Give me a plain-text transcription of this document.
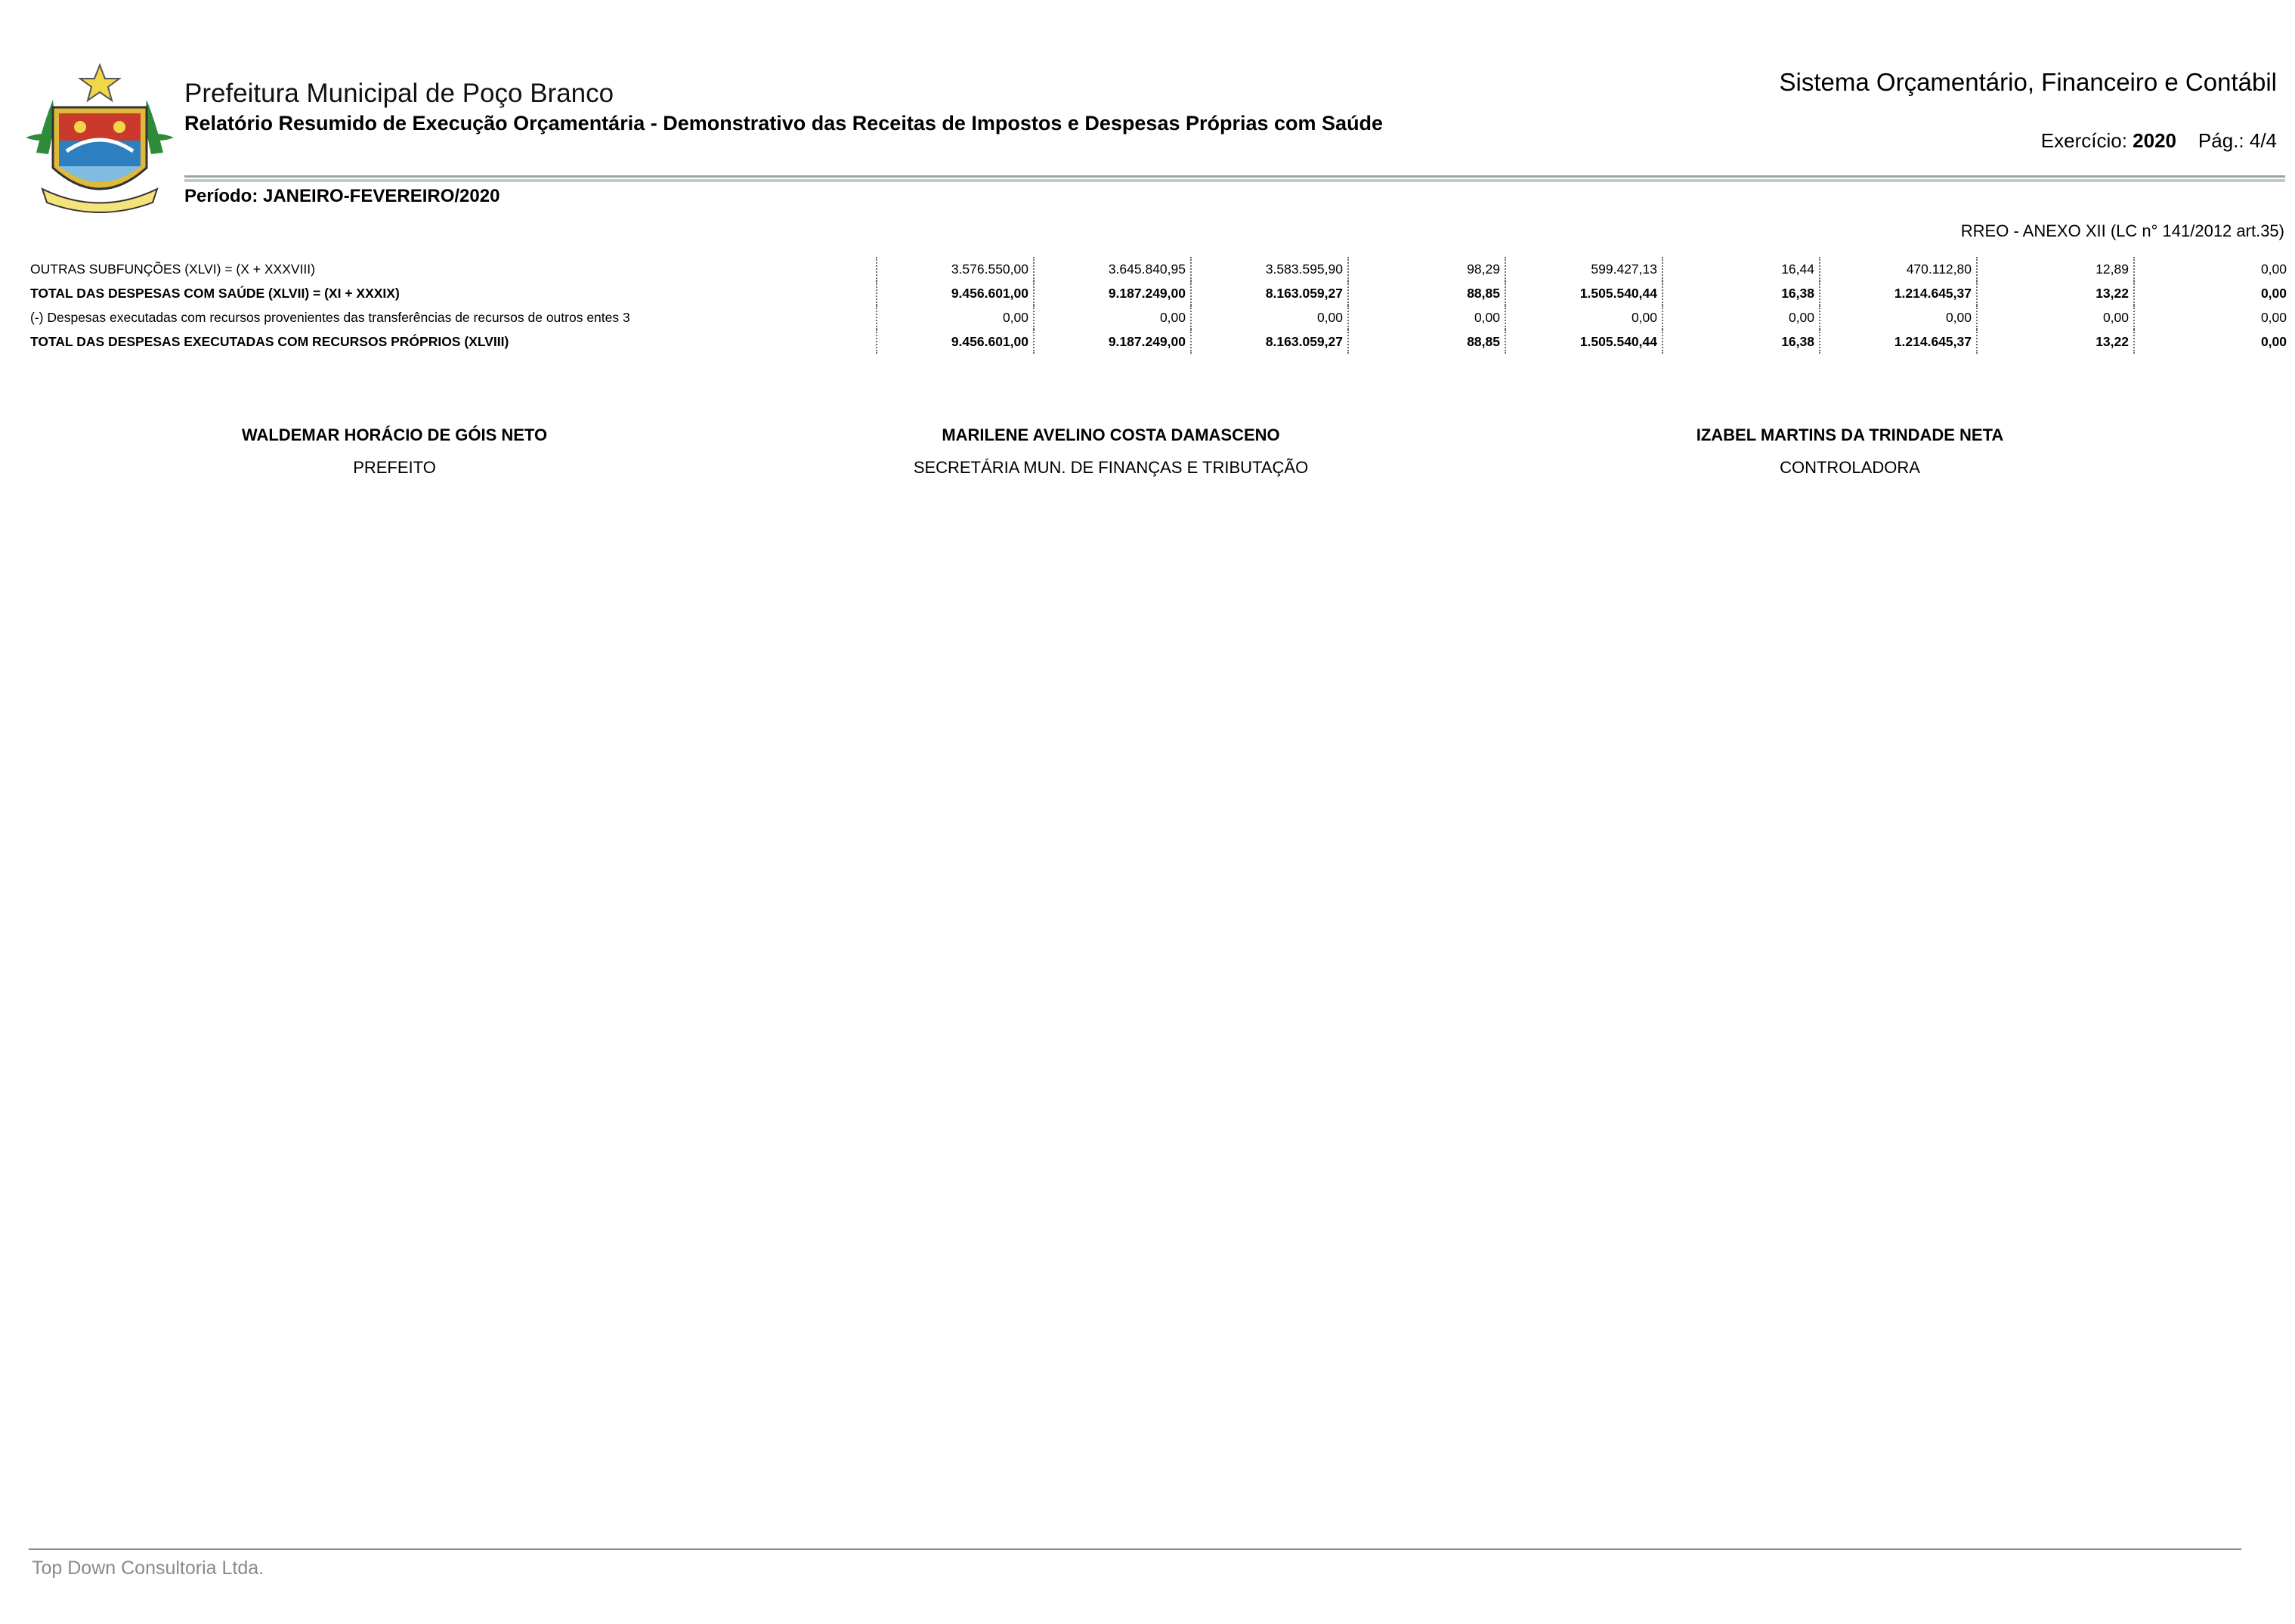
Prefeitura Municipal de Poço Branco
Relatório Resumido de Execução Orçamentária - Demonstrativo das Receitas de Impostos e Despesas Próprias com Saúde
Sistema Orçamentário, Financeiro e Contábil
Exercício: 2020 Pág.: 4/4
Período: JANEIRO-FEVEREIRO/2020
RREO - ANEXO XII (LC n° 141/2012 art.35)
OUTRAS SUBFUNÇÕES (XLVI) = (X + XXXVIII)	3.576.550,00	3.645.840,95	3.583.595,90	98,29	599.427,13	16,44	470.112,80	12,89	0,00
TOTAL DAS DESPESAS COM SAÚDE (XLVII) = (XI + XXXIX)	9.456.601,00	9.187.249,00	8.163.059,27	88,85	1.505.540,44	16,38	1.214.645,37	13,22	0,00
(-) Despesas executadas com recursos provenientes das transferências de recursos de outros entes 3	0,00	0,00	0,00	0,00	0,00	0,00	0,00	0,00	0,00
TOTAL DAS DESPESAS EXECUTADAS COM RECURSOS PRÓPRIOS (XLVIII)	9.456.601,00	9.187.249,00	8.163.059,27	88,85	1.505.540,44	16,38	1.214.645,37	13,22	0,00
WALDEMAR HORÁCIO DE GÓIS NETO
PREFEITO
MARILENE AVELINO COSTA DAMASCENO
SECRETÁRIA MUN. DE FINANÇAS E TRIBUTAÇÃO
IZABEL MARTINS DA TRINDADE NETA
CONTROLADORA
Top Down Consultoria Ltda.
